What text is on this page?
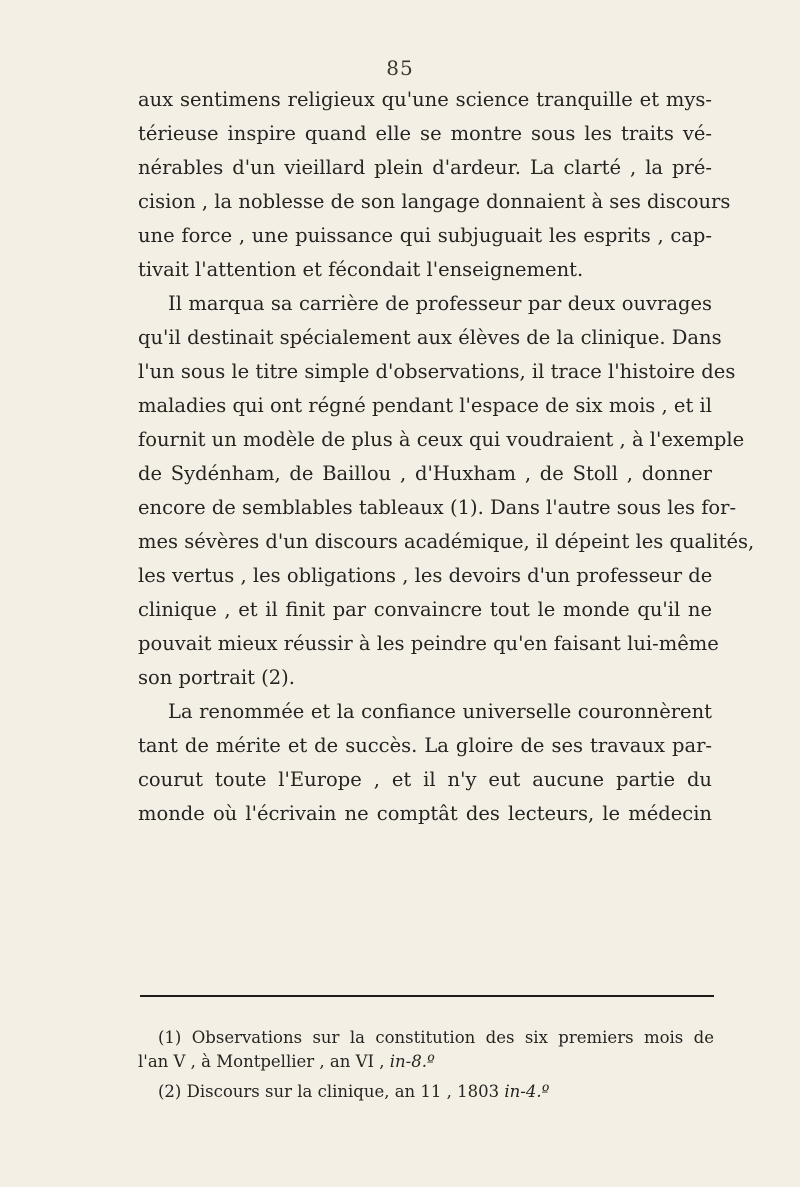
85
aux sentimens religieux qu'une science tranquille et mys-
térieuse inspire quand elle se montre sous les traits vé-
nérables d'un vieillard plein d'ardeur. La clarté , la pré-
cision , la noblesse de son langage donnaient à ses discours
une force , une puissance qui subjuguait les esprits , cap-
tivait l'attention et fécondait l'enseignement.
Il marqua sa carrière de professeur par deux ouvrages
qu'il destinait spécialement aux élèves de la clinique. Dans
l'un sous le titre simple d'observations, il trace l'histoire des
maladies qui ont régné pendant l'espace de six mois , et il
fournit un modèle de plus à ceux qui voudraient , à l'exemple
de Sydénham, de Baillou , d'Huxham , de Stoll , donner
encore de semblables tableaux (1). Dans l'autre sous les for-
mes sévères d'un discours académique, il dépeint les qualités,
les vertus , les obligations , les devoirs d'un professeur de
clinique , et il finit par convaincre tout le monde qu'il ne
pouvait mieux réussir à les peindre qu'en faisant lui-même
son portrait (2).
La renommée et la confiance universelle couronnèrent
tant de mérite et de succès. La gloire de ses travaux par-
courut toute l'Europe , et il n'y eut aucune partie du
monde où l'écrivain ne comptât des lecteurs, le médecin
(1) Observations sur la constitution des six premiers mois de
l'an V , à Montpellier , an VI , in-8.º
(2) Discours sur la clinique, an 11 , 1803 in-4.º
